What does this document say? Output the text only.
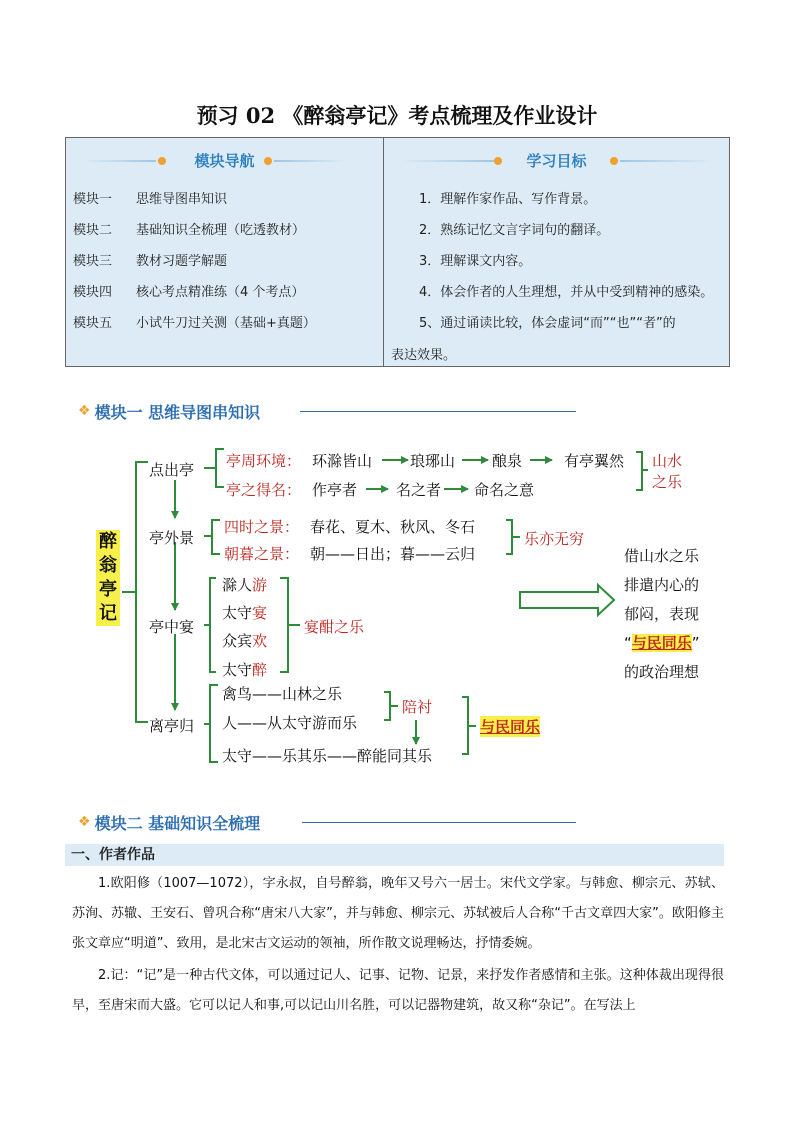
预习 02 《醉翁亭记》考点梳理及作业设计
模块导航
模块一 思维导图串知识
模块二 基础知识全梳理（吃透教材）
模块三 教材习题学解题
模块四 核心考点精准练（4 个考点）
模块五 小试牛刀过关测（基础+真题）
学习目标
1．理解作家作品、写作背景。
2．熟练记忆文言字词句的翻译。
3．理解课文内容。
4．体会作者的人生理想，并从中受到精神的感染。
5、通过诵读比较，体会虚词“而”“也”“者”的
表达效果。
❖ 模块一 思维导图串知识
醉
翁
亭
记
点出亭 亭周环境： 环滁皆山	琅琊山 酿泉	有亭翼然
亭之得名： 作亭者	名之者 命名之意
山水
之乐
亭外景
四时之景： 春花、夏木、秋风、冬石
朝暮之景： 朝——日出；暮——云归
乐亦无穷
亭中宴
滁人游
太守宴
众宾欢
太守醉
宴酣之乐
离亭归
禽鸟——山林之乐
人——从太守游而乐
太守——乐其乐——醉能同其乐
陪衬
与民同乐
借山水之乐
排遣内心的
郁闷，表现
“与民同乐”
的政治理想
❖ 模块二 基础知识全梳理
一、作者作品
1.欧阳修（1007—1072），字永叔，自号醉翁，晚年又号六一居士。宋代文学家。与韩愈、柳宗元、苏轼、苏洵、苏辙、王安石、曾巩合称“唐宋八大家”，并与韩愈、柳宗元、苏轼被后人合称“千古文章四大家”。欧阳修主张文章应“明道”、致用，是北宋古文运动的领袖，所作散文说理畅达，抒情委婉。
2.记：“记”是一种古代文体，可以通过记人、记事、记物、记景，来抒发作者感情和主张。这种体裁出现得很早，至唐宋而大盛。它可以记人和事,可以记山川名胜，可以记器物建筑，故又称“杂记”。在写法上
